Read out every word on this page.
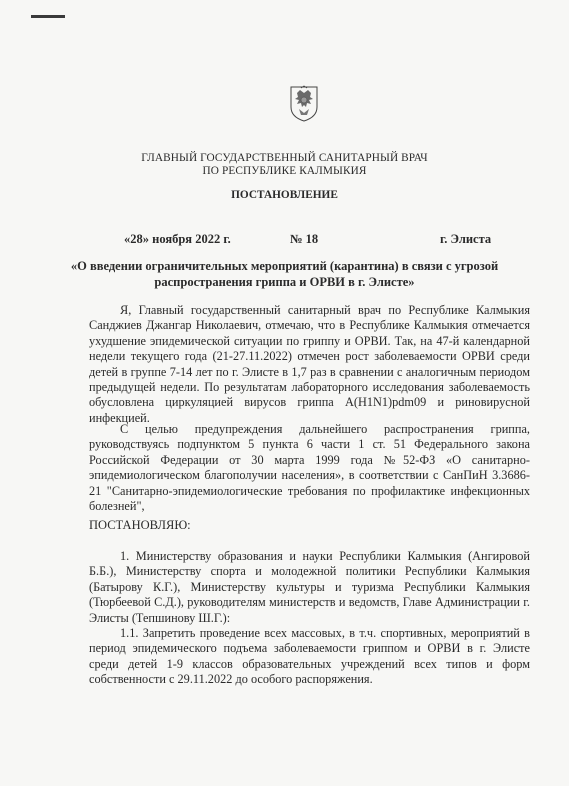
ГЛАВНЫЙ ГОСУДАРСТВЕННЫЙ САНИТАРНЫЙ ВРАЧ
ПО РЕСПУБЛИКЕ КАЛМЫКИЯ
ПОСТАНОВЛЕНИЕ
«28» ноября 2022 г.	№ 18	г. Элиста
«О введении ограничительных мероприятий (карантина) в связи с угрозой
распространения гриппа и ОРВИ в г. Элисте»
Я, Главный государственный санитарный врач по Республике Калмыкия Санджиев Джангар Николаевич, отмечаю, что в Республике Калмыкия отмечается ухудшение эпидемической ситуации по гриппу и ОРВИ. Так, на 47-й календарной недели текущего года (21-27.11.2022) отмечен рост заболеваемости ОРВИ среди детей в группе 7-14 лет по г. Элисте в 1,7 раз в сравнении с аналогичным периодом предыдущей недели. По результатам лабораторного исследования заболеваемость обусловлена циркуляцией вирусов гриппа A(H1N1)pdm09 и риновирусной инфекцией.
С целью предупреждения дальнейшего распространения гриппа, руководствуясь подпунктом 5 пункта 6 части 1 ст. 51 Федерального закона Российской Федерации от 30 марта 1999 года №52-ФЗ «О санитарно-эпидемиологическом благополучии населения», в соответствии с СанПиН 3.3686-21 "Санитарно-эпидемиологические требования по профилактике инфекционных болезней",
ПОСТАНОВЛЯЮ:
1. Министерству образования и науки Республики Калмыкия (Ангировой Б.Б.), Министерству спорта и молодежной политики Республики Калмыкия (Батырову К.Г.), Министерству культуры и туризма Республики Калмыкия (Тюрбеевой С.Д.), руководителям министерств и ведомств, Главе Администрации г. Элисты (Тепшинову Ш.Г.):
1.1. Запретить проведение всех массовых, в т.ч. спортивных, мероприятий в период эпидемического подъема заболеваемости гриппом и ОРВИ в г. Элисте среди детей 1-9 классов образовательных учреждений всех типов и форм собственности с 29.11.2022 до особого распоряжения.
